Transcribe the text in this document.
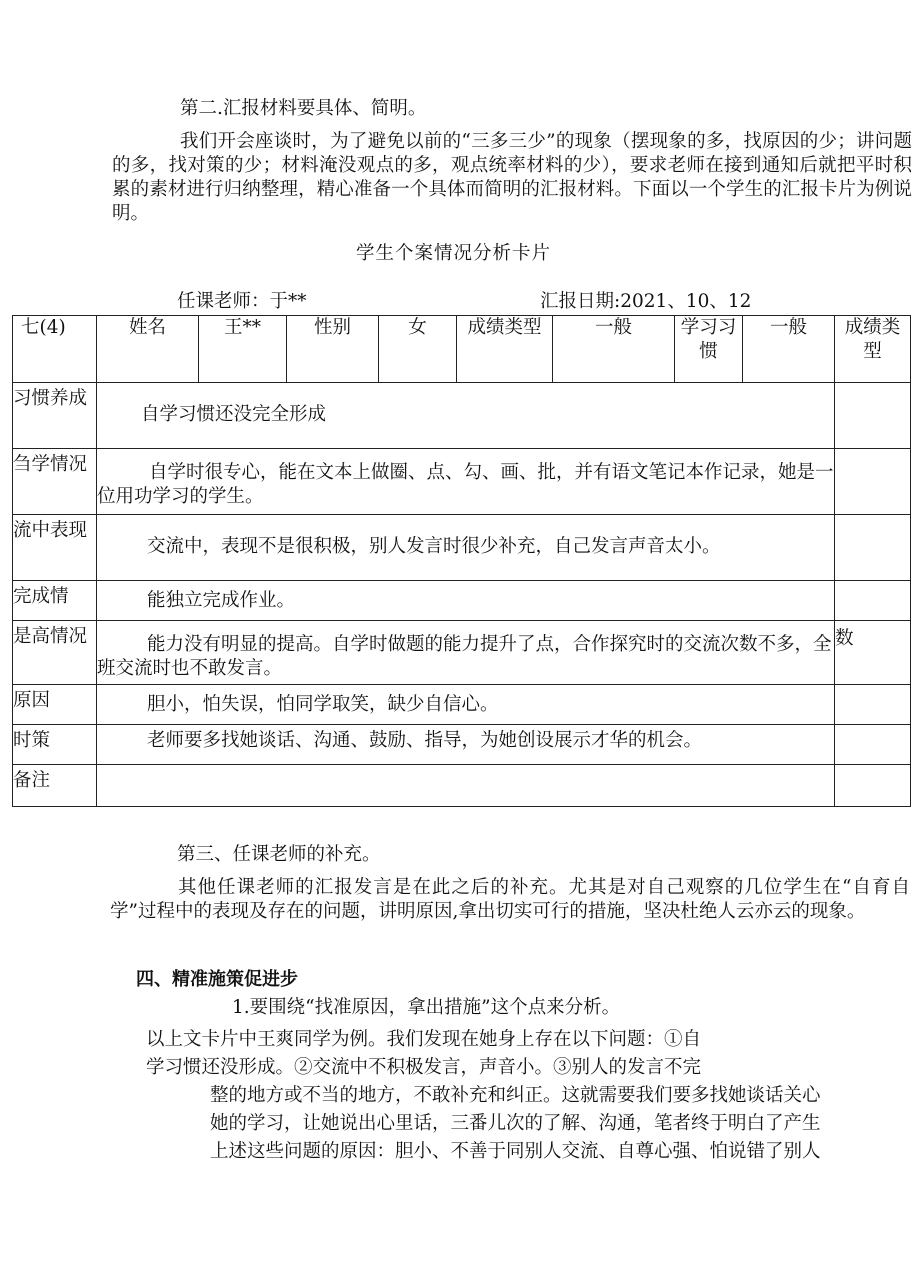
第二.汇报材料要具体、简明。
我们开会座谈时，为了避免以前的“三多三少”的现象（摆现象的多，找原因的少；讲问题的多，找对策的少；材料淹没观点的多，观点统率材料的少），要求老师在接到通知后就把平时积累的素材进行归纳整理，精心准备一个具体而简明的汇报材料。下面以一个学生的汇报卡片为例说明。
学生个案情况分析卡片
任课老师：于**	汇报日期:2021、10、12
七(4)	姓名	王**	性别	女	成绩类型	一般	学习习惯	一般	成绩类型
习惯养成	自学习惯还没完全形成								
刍学情况	自学时很专心，能在文本上做圈、点、勾、画、批，并有语文笔记本作记录，她是一位用功学习的学生。								
流中表现	交流中，表现不是很积极，别人发言时很少补充，自己发言声音太小。								
完成情	能独立完成作业。								
是高情况	能力没有明显的提高。自学时做题的能力提升了点，合作探究时的交流次数不多，全班交流时也不敢发言。								数
原因	胆小，怕失误，怕同学取笑，缺少自信心。								
时策	老师要多找她谈话、沟通、鼓励、指导，为她创设展示才华的机会。								
备注									
第三、任课老师的补充。
其他任课老师的汇报发言是在此之后的补充。尤其是对自己观察的几位学生在“自育自学”过程中的表现及存在的问题，讲明原因,拿出切实可行的措施，坚决杜绝人云亦云的现象。
四、精准施策促进步
1.要围绕“找准原因，拿出措施”这个点来分析。
以上文卡片中王爽同学为例。我们发现在她身上存在以下问题：①自
学习惯还没形成。②交流中不积极发言，声音小。③别人的发言不完
整的地方或不当的地方，不敢补充和纠正。这就需要我们要多找她谈话关心
她的学习，让她说出心里话，三番儿次的了解、沟通，笔者终于明白了产生
上述这些问题的原因：胆小、不善于同别人交流、自尊心强、怕说错了别人
